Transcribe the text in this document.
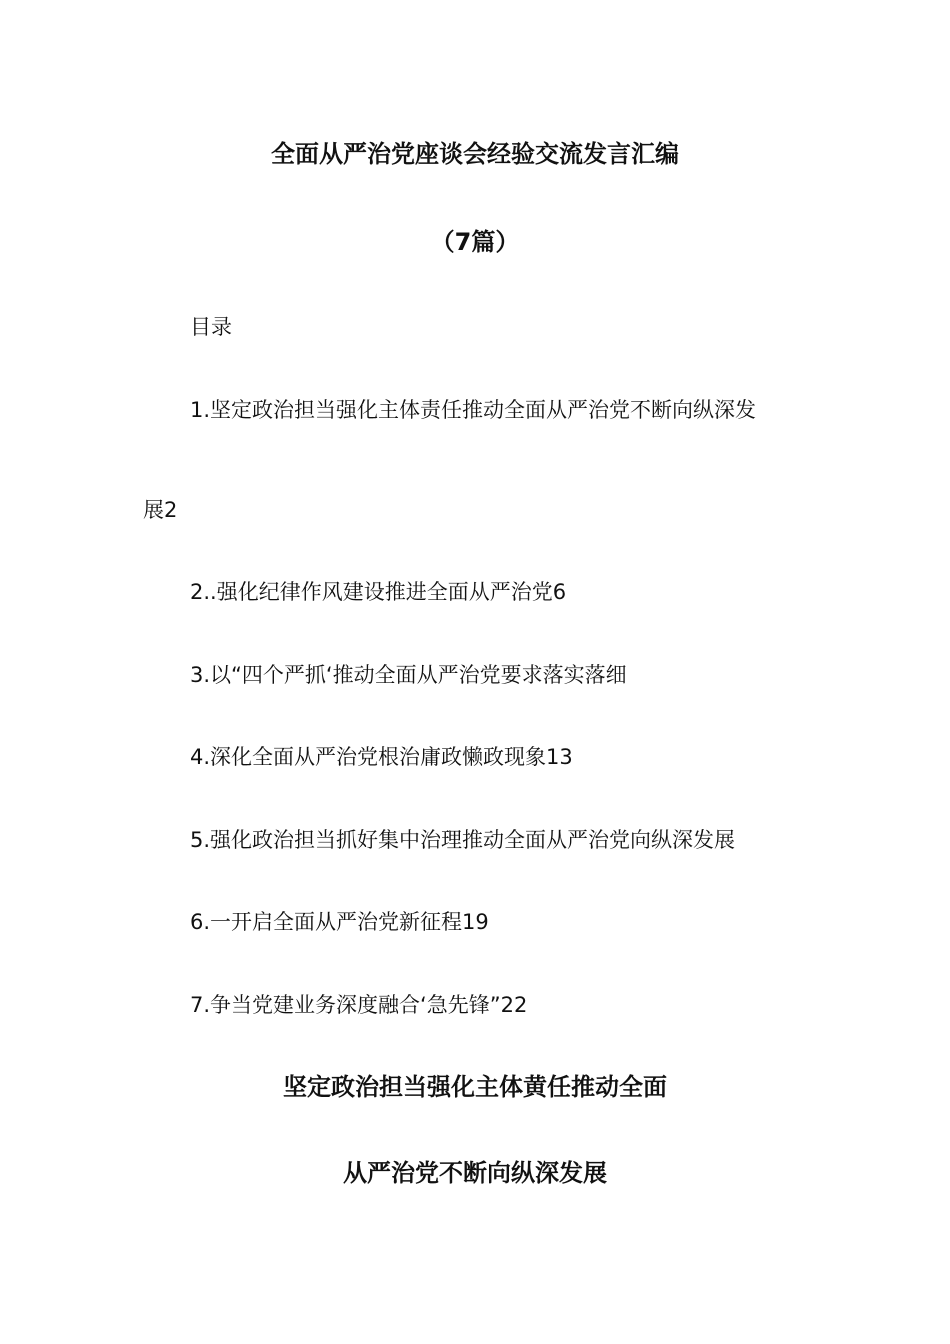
全面从严治党座谈会经验交流发言汇编
（7篇）
目录
1.坚定政治担当强化主体责任推动全面从严治党不断向纵深发
展2
2..强化纪律作风建设推进全面从严治党6
3.以“四个严抓‘推动全面从严治党要求落实落细
4.深化全面从严治党根治庸政懒政现象13
5.强化政治担当抓好集中治理推动全面从严治党向纵深发展
6.一开启全面从严治党新征程19
7.争当党建业务深度融合‘急先锋”22
坚定政治担当强化主体黄任推动全面
从严治党不断向纵深发展
